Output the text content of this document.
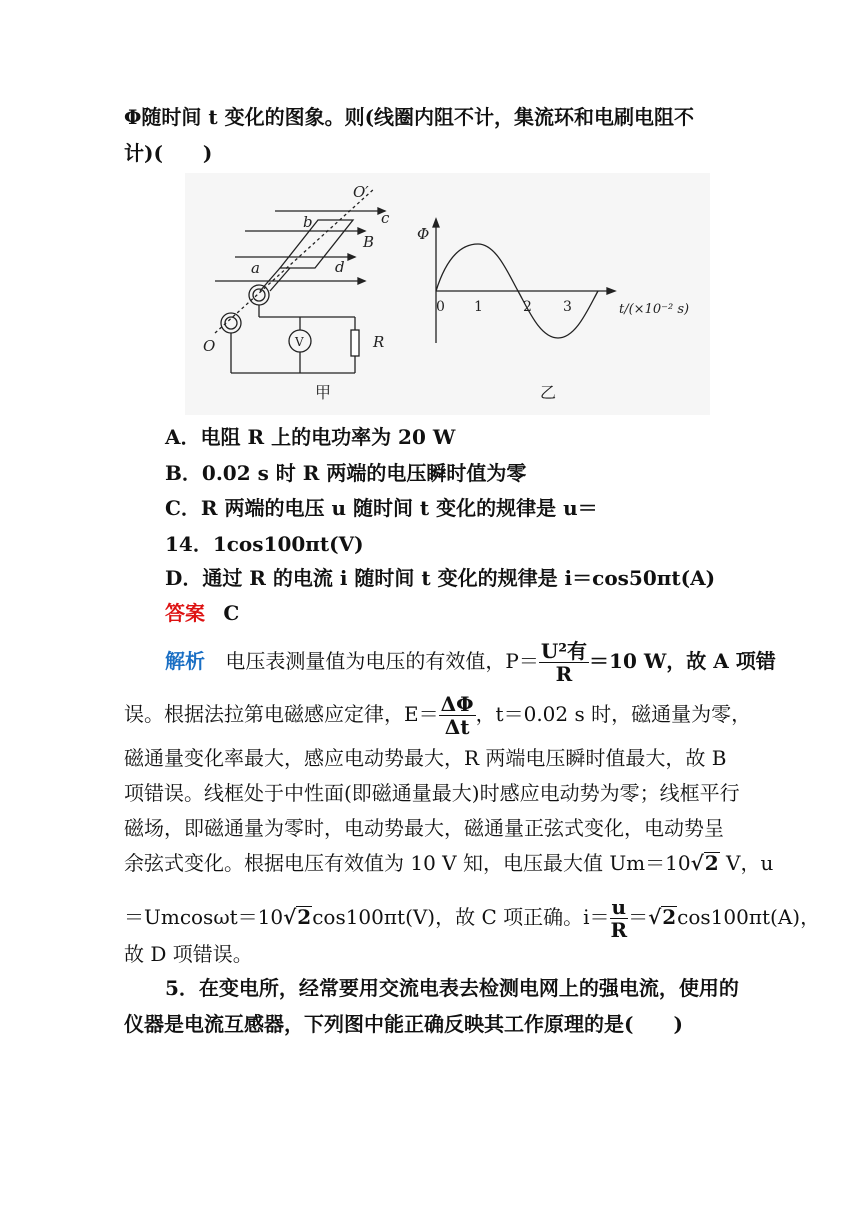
Φ随时间 t 变化的图象。则(线圈内阻不计，集流环和电刷电阻不
计)(　　)
O′
O
a
b	c
d
B
V	R
甲
Φ
0 1	2 3	t/(×10⁻² s)
乙
A．电阻 R 上的电功率为 20 W
B．0.02 s 时 R 两端的电压瞬时值为零
C．R 两端的电压 u 随时间 t 变化的规律是 u＝
14．1cos100πt(V)
D．通过 R 的电流 i 随时间 t 变化的规律是 i＝cos50πt(A)
答案 C
解析 电压表测量值为电压的有效值，$P= \frac{\text{U²有}}{R} =10$ W，故 A 项错
误。根据法拉第电磁感应定律，$E= \frac{\Delta\Phi}{\Delta t}$ ，t＝0.02 s 时，磁通量为零，
磁通量变化率最大，感应电动势最大，R 两端电压瞬时值最大，故 B
项错误。线框处于中性面(即磁通量最大)时感应电动势为零；线框平行
磁场，即磁通量为零时，电动势最大，磁通量正弦式变化，电动势呈
余弦式变化。根据电压有效值为 10 V 知，电压最大值 Um＝10√2 V，u
＝Umcosωt＝10√2cos100πt(V)，故 C 项正确。$i= \frac{u}{R} =√2\cos 100\pi t(A)$，
故 D 项错误。
5．在变电所，经常要用交流电表去检测电网上的强电流，使用的
仪器是电流互感器，下列图中能正确反映其工作原理的是(　　)
